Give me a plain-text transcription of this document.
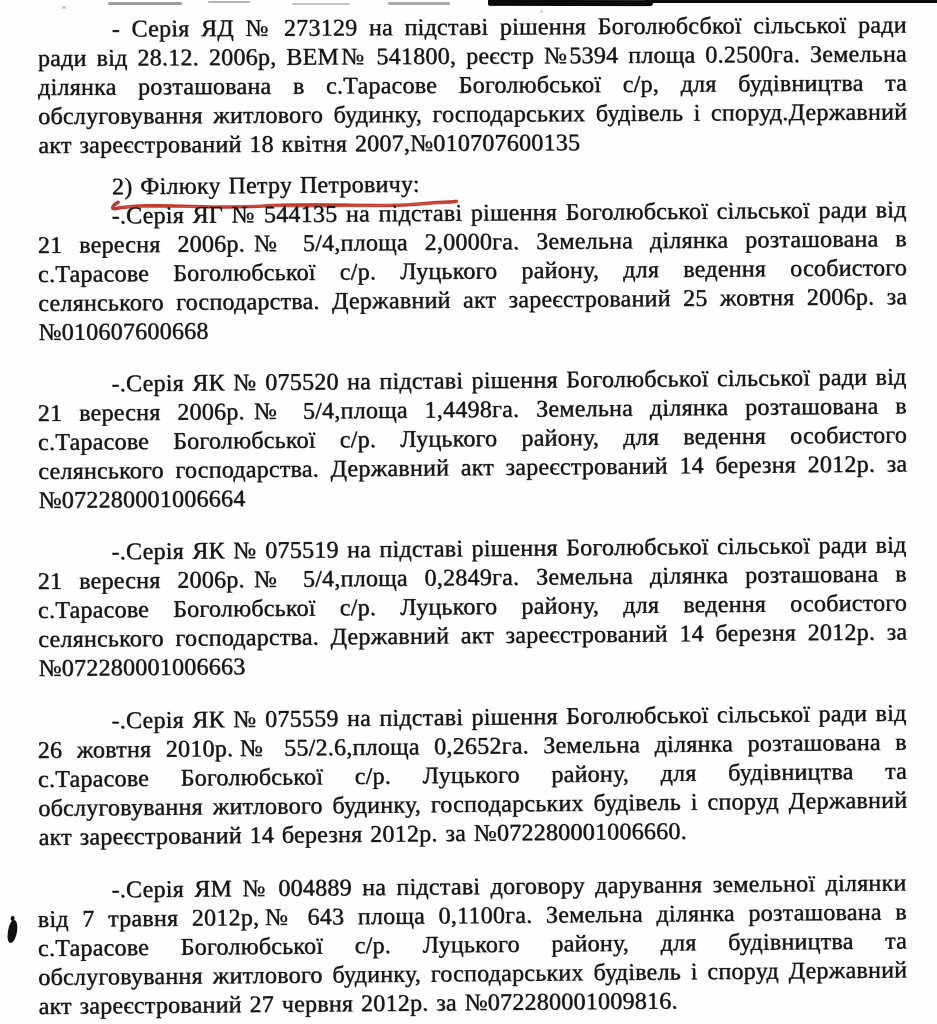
- Серія ЯД № 273129 на підставі рішення Боголюбсбкої сільської ради ради від 28.12. 2006р, ВЕМ№ 541800, реєстр №5394 площа 0.2500га. Земельна ділянка розташована в с.Тарасове Боголюбської с/р, для будівництва та обслуговування житлового будинку, господарських будівель і споруд.Державний акт зареєстрований 18 квітня 2007,№010707600135

2) Філюку Петру Петровичу:

-.Серія ЯГ № 544135 на підставі рішення Боголюбської сільської ради від 21 вересня 2006р.№ 5/4,площа 2,0000га. Земельна ділянка розташована в с.Тарасове Боголюбської с/р. Луцького району, для ведення особистого селянського господарства. Державний акт зареєстрований 25 жовтня 2006р. за №010607600668

-.Серія ЯК № 075520 на підставі рішення Боголюбської сільської ради від 21 вересня 2006р.№ 5/4,площа 1,4498га. Земельна ділянка розташована в с.Тарасове Боголюбської с/р. Луцького району, для ведення особистого селянського господарства. Державний акт зареєстрований 14 березня 2012р. за №072280001006664

-.Серія ЯК № 075519 на підставі рішення Боголюбської сільської ради від 21 вересня 2006р.№ 5/4,площа 0,2849га. Земельна ділянка розташована в с.Тарасове Боголюбської с/р. Луцького району, для ведення особистого селянського господарства. Державний акт зареєстрований 14 березня 2012р. за №072280001006663

-.Серія ЯК № 075559 на підставі рішення Боголюбської сільської ради від 26 жовтня 2010р.№ 55/2.6,площа 0,2652га. Земельна ділянка розташована в с.Тарасове Боголюбської с/р. Луцького району, для будівництва та обслуговування житлового будинку, господарських будівель і споруд Державний акт зареєстрований 14 березня 2012р. за №072280001006660.

-.Серія ЯМ № 004889 на підставі договору дарування земельної ділянки від 7 травня 2012р,№ 643 площа 0,1100га. Земельна ділянка розташована в с.Тарасове Боголюбської с/р. Луцького району, для будівництва та обслуговування житлового будинку, господарських будівель і споруд Державний акт зареєстрований 27 червня 2012р. за №072280001009816.
